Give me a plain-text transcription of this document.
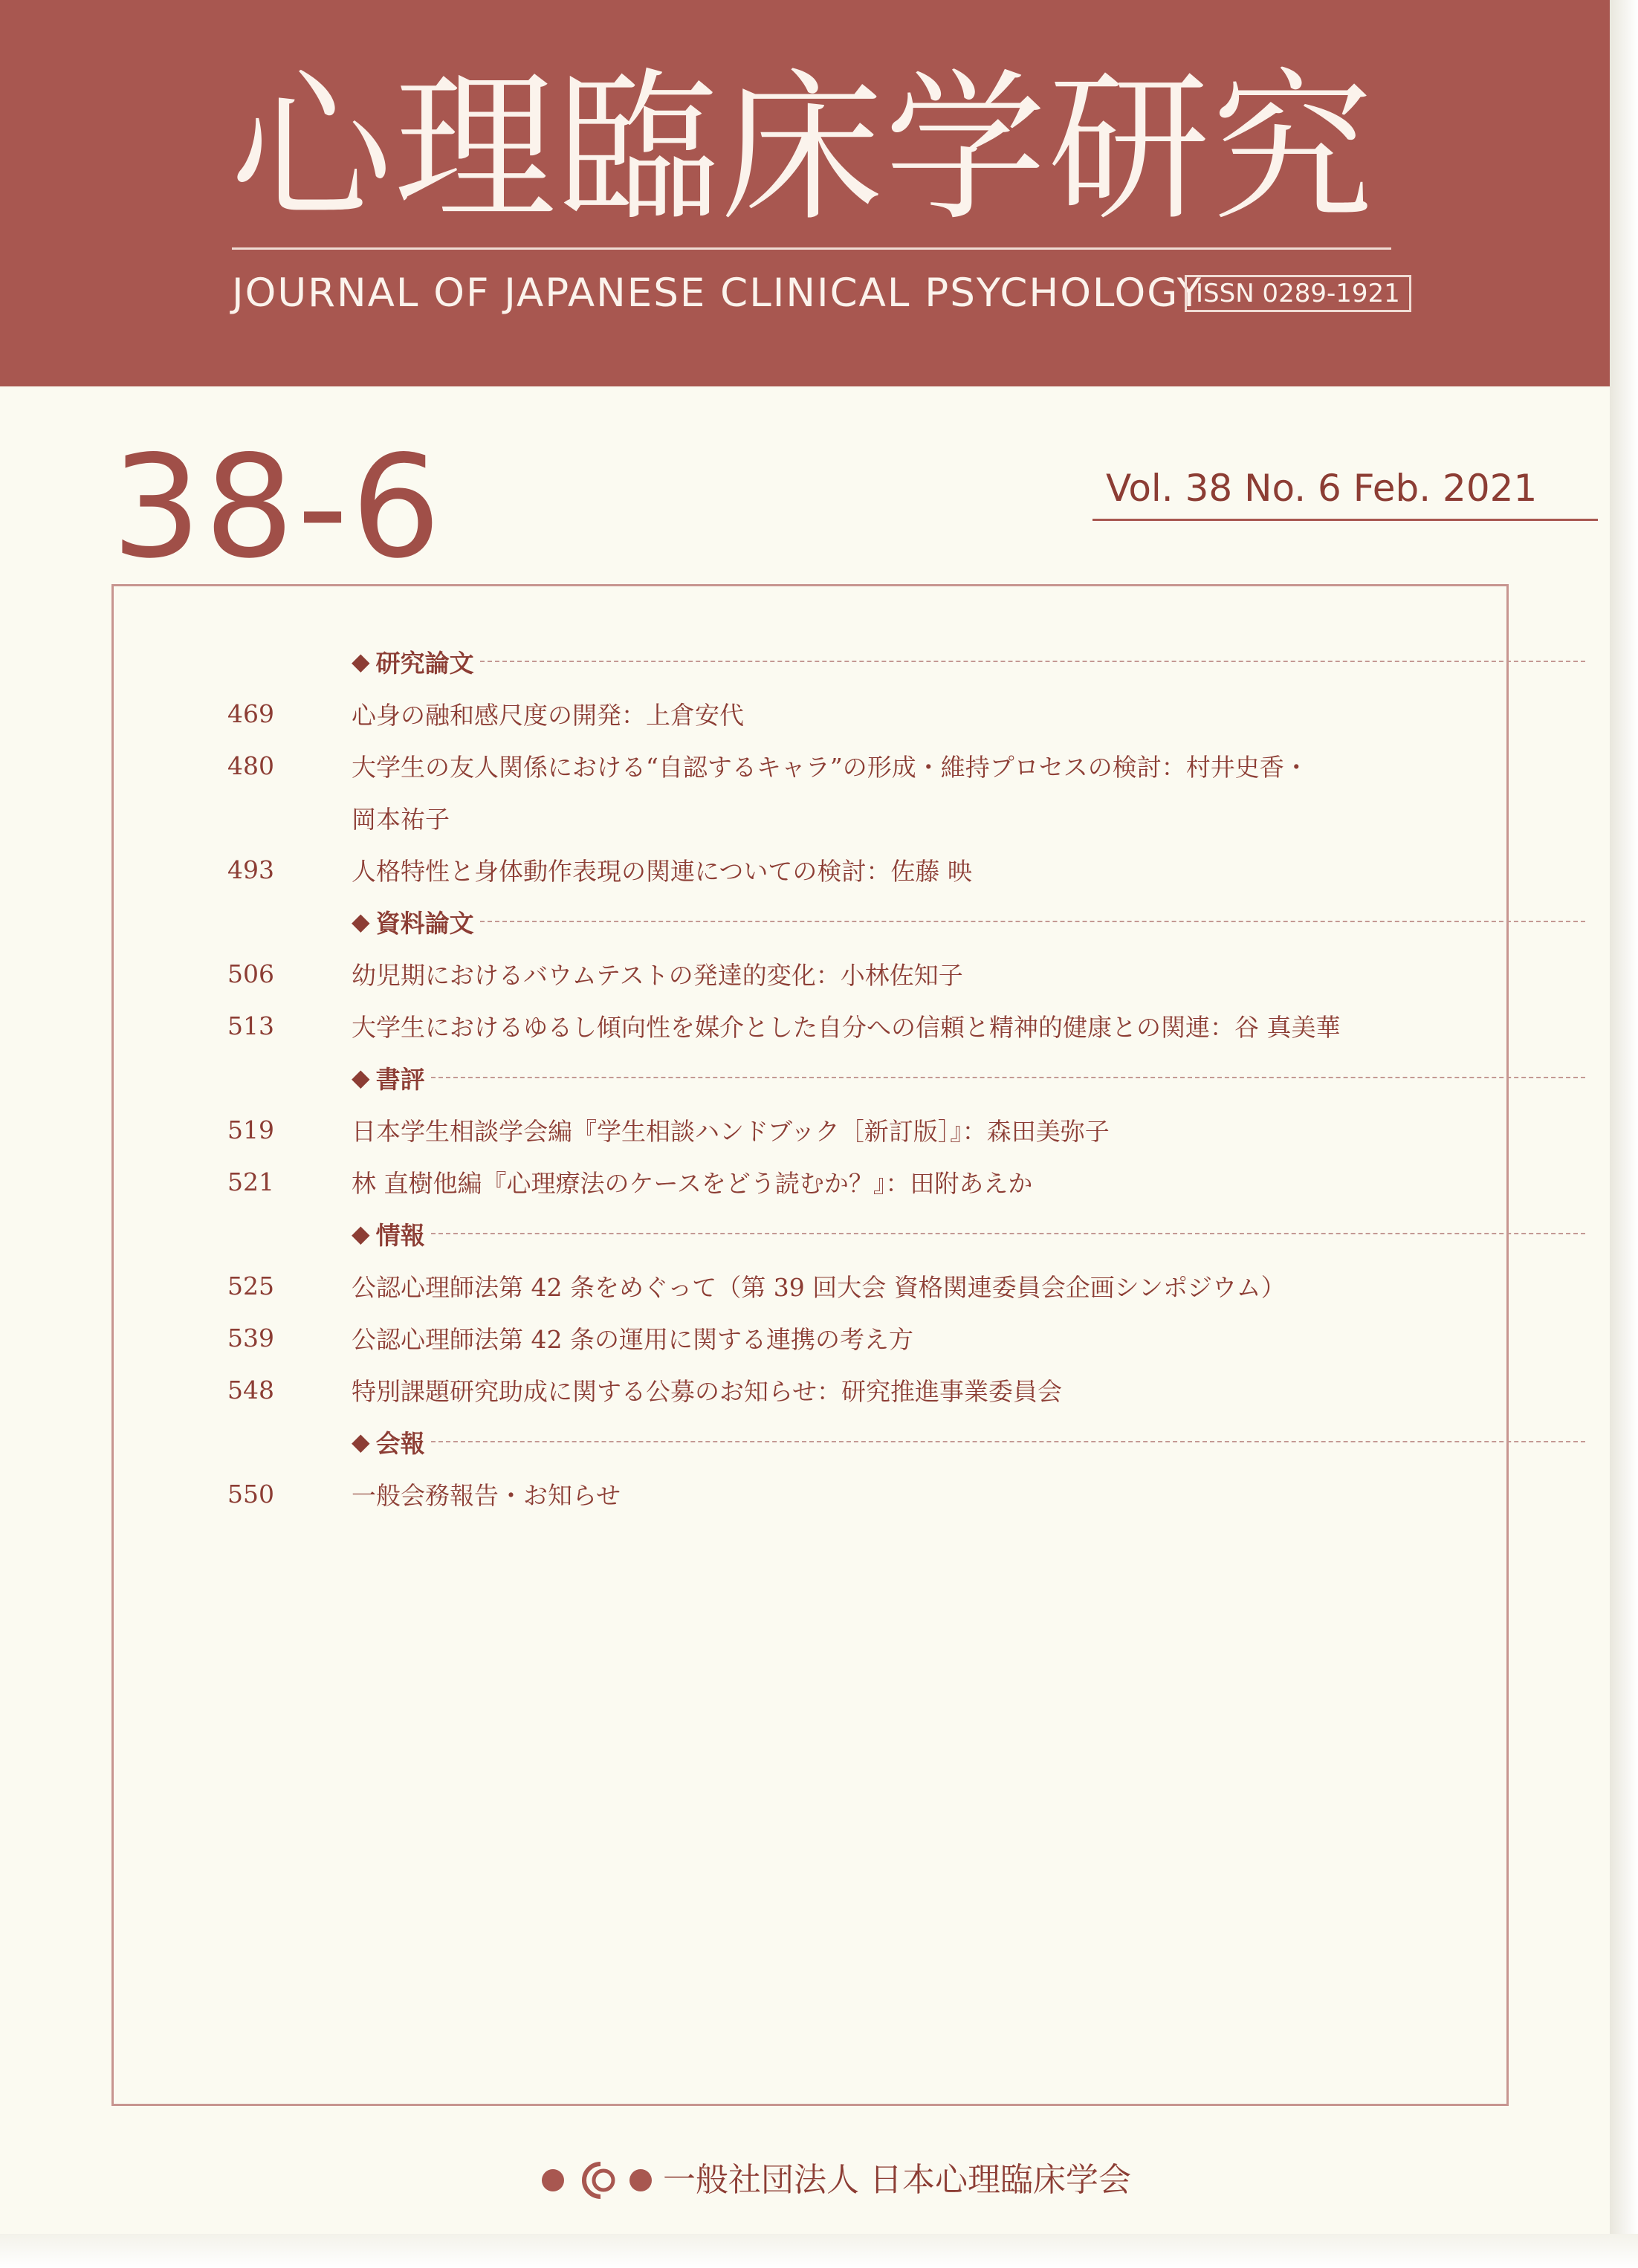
心理臨床学研究
JOURNAL OF JAPANESE CLINICAL PSYCHOLOGY
ISSN 0289-1921
38-6	Vol. 38 No. 6 Feb. 2021
◆ 研究論文
469	心身の融和感尺度の開発：上倉安代
480	大学生の友人関係における“自認するキャラ”の形成・維持プロセスの検討：村井史香・
岡本祐子
493	人格特性と身体動作表現の関連についての検討：佐藤 映
◆ 資料論文
506	幼児期におけるバウムテストの発達的変化：小林佐知子
513	大学生におけるゆるし傾向性を媒介とした自分への信頼と精神的健康との関連：谷 真美華
◆ 書評
519	日本学生相談学会編『学生相談ハンドブック［新訂版］』：森田美弥子
521	林 直樹他編『心理療法のケースをどう読むか？』：田附あえか
◆ 情報
525	公認心理師法第 42 条をめぐって（第 39 回大会 資格関連委員会企画シンポジウム）
539	公認心理師法第 42 条の運用に関する連携の考え方
548	特別課題研究助成に関する公募のお知らせ：研究推進事業委員会
◆ 会報
550	一般会務報告・お知らせ
一般社団法人 日本心理臨床学会
